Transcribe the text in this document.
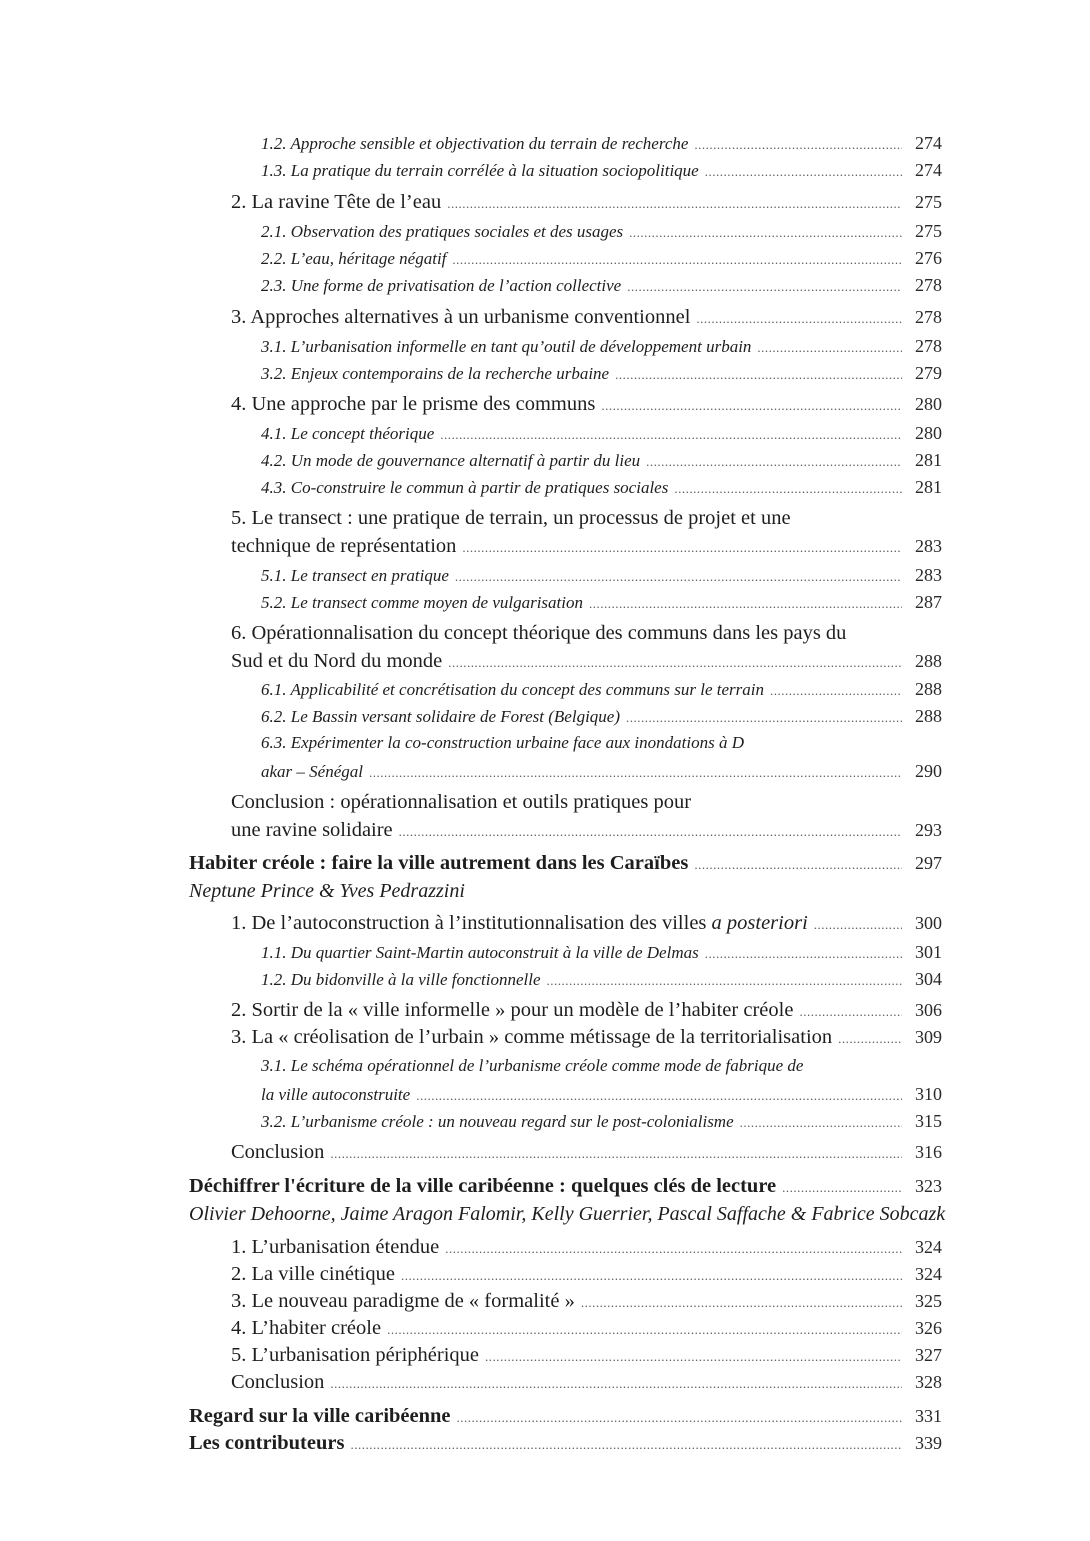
1.2. Approche sensible et objectivation du terrain de recherche .....	274
1.3. La pratique du terrain corrélée à la situation sociopolitique .....	274
2. La ravine Tête de l’eau .....	275
2.1. Observation des pratiques sociales et des usages .....	275
2.2. L’eau, héritage négatif .....	276
2.3. Une forme de privatisation de l’action collective .....	278
3. Approches alternatives à un urbanisme conventionnel .....	278
3.1. L’urbanisation informelle en tant qu’outil de développement urbain .....	278
3.2. Enjeux contemporains de la recherche urbaine .....	279
4. Une approche par le prisme des communs .....	280
4.1. Le concept théorique .....	280
4.2. Un mode de gouvernance alternatif à partir du lieu .....	281
4.3. Co-construire le commun à partir de pratiques sociales .....	281
5. Le transect : une pratique de terrain, un processus de projet et une
technique de représentation .....	283
5.1. Le transect en pratique .....	283
5.2. Le transect comme moyen de vulgarisation .....	287
6. Opérationnalisation du concept théorique des communs dans les pays du
Sud et du Nord du monde .....	288
6.1. Applicabilité et concrétisation du concept des communs sur le terrain .....	288
6.2. Le Bassin versant solidaire de Forest (Belgique) .....	288
6.3. Expérimenter la co-construction urbaine face aux inondations à D
akar – Sénégal .....	290
Conclusion : opérationnalisation et outils pratiques pour
une ravine solidaire .....	293
Habiter créole : faire la ville autrement dans les Caraïbes .....	297
Neptune Prince & Yves Pedrazzini
1. De l’autoconstruction à l’institutionnalisation des villes a posteriori .....	300
1.1. Du quartier Saint-Martin autoconstruit à la ville de Delmas .....	301
1.2. Du bidonville à la ville fonctionnelle .....	304
2. Sortir de la « ville informelle » pour un modèle de l’habiter créole .....	306
3. La « créolisation de l’urbain » comme métissage de la territorialisation .....	309
3.1. Le schéma opérationnel de l’urbanisme créole comme mode de fabrique de
la ville autoconstruite .....	310
3.2. L’urbanisme créole : un nouveau regard sur le post-colonialisme .....	315
Conclusion .....	316
Déchiffrer l'écriture de la ville caribéenne : quelques clés de lecture .....	323
Olivier Dehoorne, Jaime Aragon Falomir, Kelly Guerrier, Pascal Saffache & Fabrice Sobcazk
1. L’urbanisation étendue .....	324
2. La ville cinétique .....	324
3. Le nouveau paradigme de « formalité » .....	325
4. L’habiter créole .....	326
5. L’urbanisation périphérique .....	327
Conclusion .....	328
Regard sur la ville caribéenne .....	331
Les contributeurs .....	339
